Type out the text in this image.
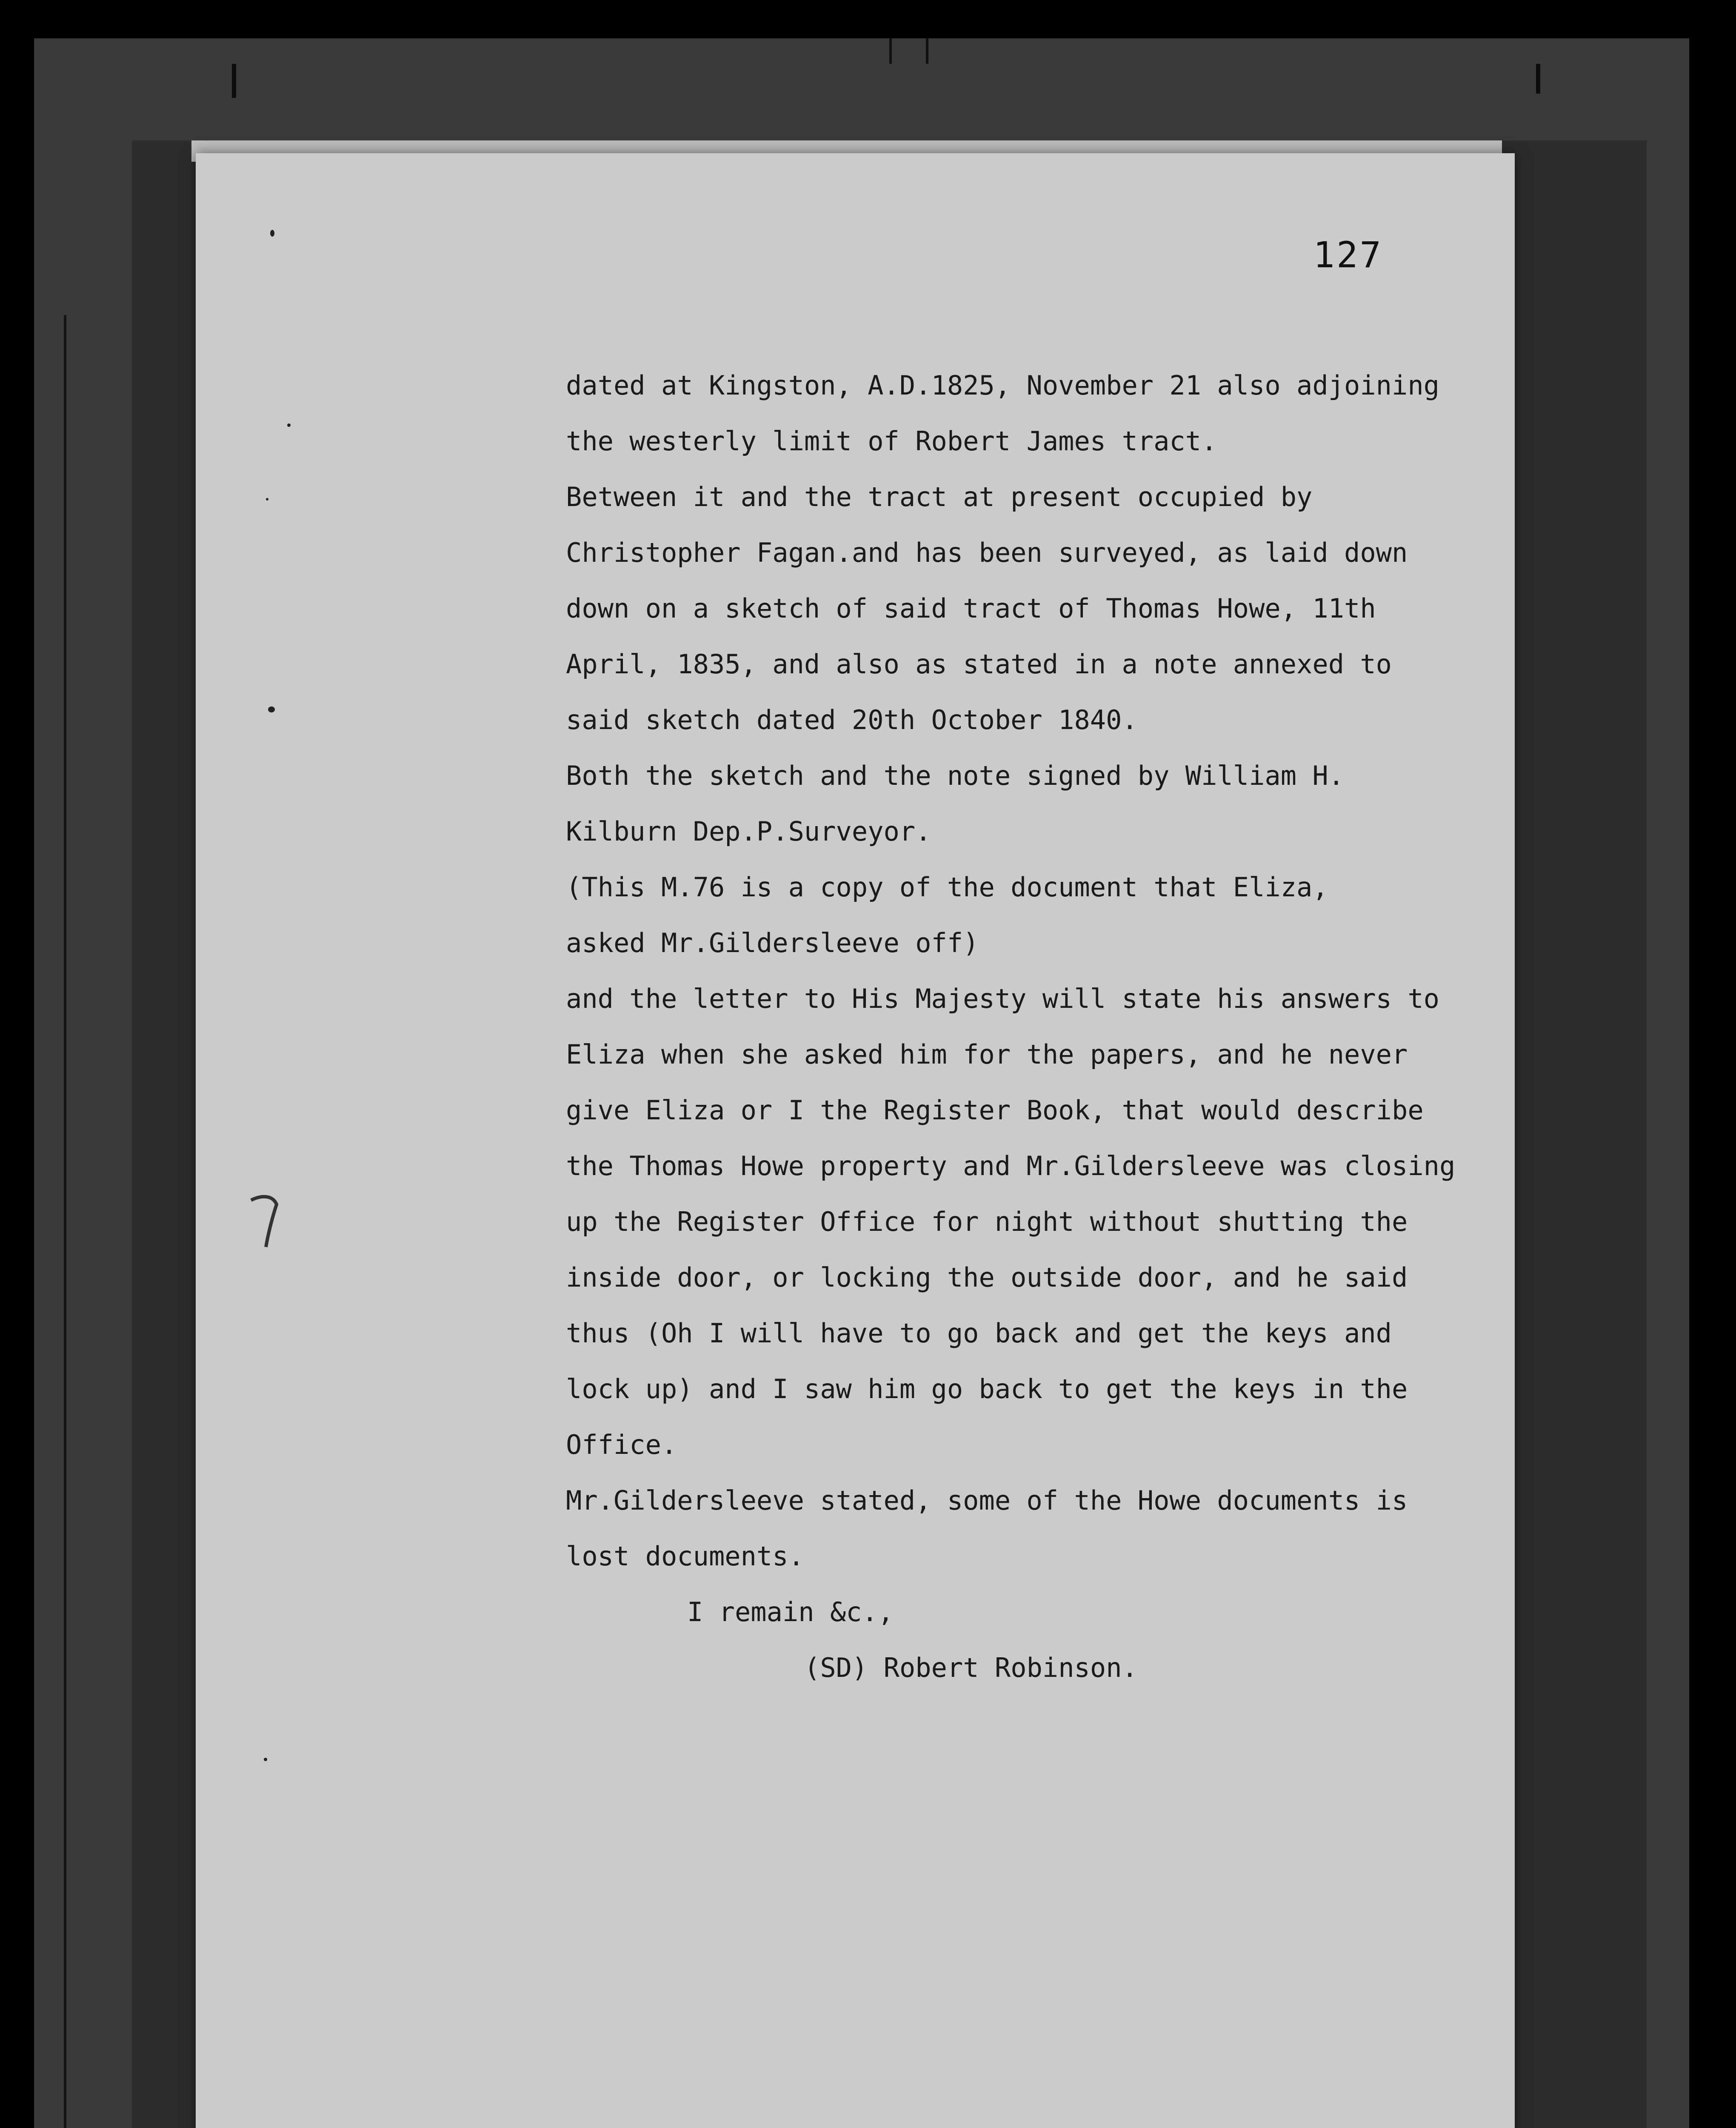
127
dated at Kingston, A.D.1825, November 21 also adjoining
the westerly limit of Robert James tract.
Between it and the tract at present occupied by
Christopher Fagan.and has been surveyed, as laid down
down on a sketch of said tract of Thomas Howe, 11th
April, 1835, and also as stated in a note annexed to
said sketch dated 20th October 1840.
Both the sketch and the note signed by William H.
Kilburn Dep.P.Surveyor.
(This M.76 is a copy of the document that Eliza,
asked Mr.Gildersleeve off)
and the letter to His Majesty will state his answers to
Eliza when she asked him for the papers, and he never
give Eliza or I the Register Book, that would describe
the Thomas Howe property and Mr.Gildersleeve was closing
up the Register Office for night without shutting the
inside door, or locking the outside door, and he said
thus (Oh I will have to go back and get the keys and
lock up) and I saw him go back to get the keys in the
Office.
Mr.Gildersleeve stated, some of the Howe documents is
lost documents.
I remain &c.,
(SD) Robert Robinson.
